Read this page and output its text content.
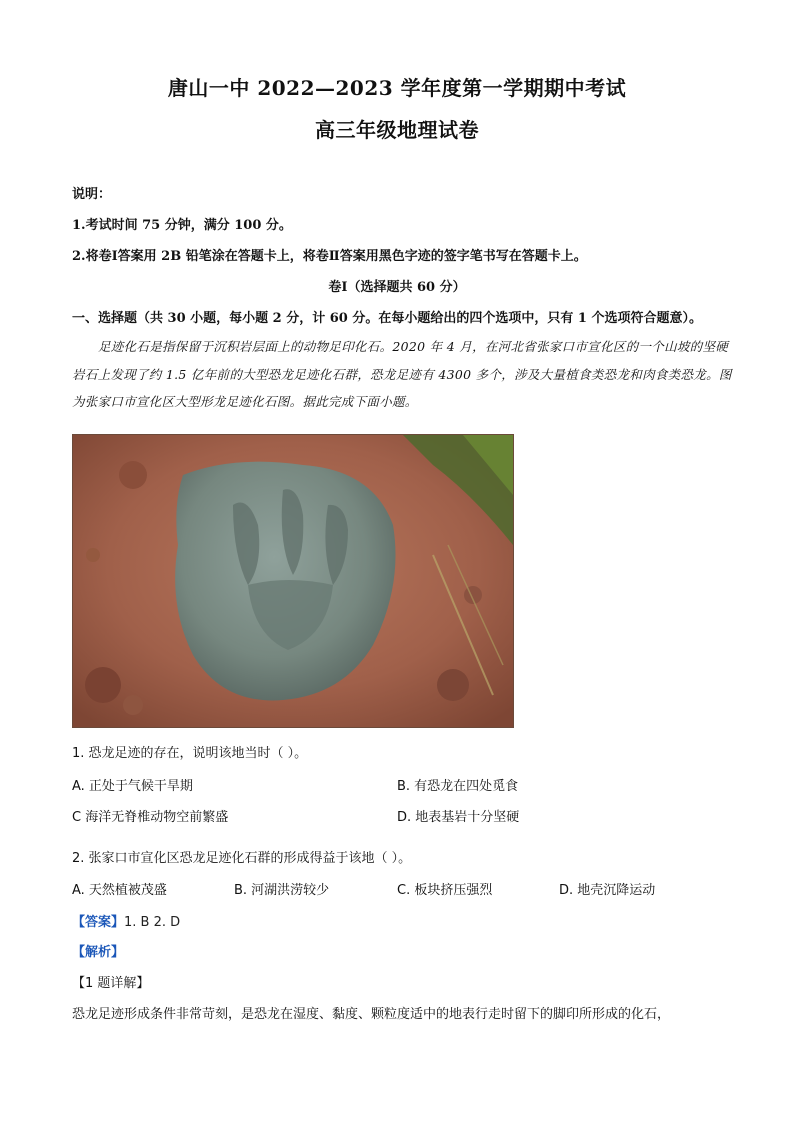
唐山一中 2022—2023 学年度第一学期期中考试
高三年级地理试卷
说明：
1.考试时间 75 分钟，满分 100 分。
2.将卷Ⅰ答案用 2B 铅笔涂在答题卡上，将卷Ⅱ答案用黑色字迹的签字笔书写在答题卡上。
卷Ⅰ（选择题共 60 分）
一、选择题（共 30 小题，每小题 2 分，计 60 分。在每小题给出的四个选项中，只有 1 个选项符合题意）。
足迹化石是指保留于沉积岩层面上的动物足印化石。2020 年 4 月，在河北省张家口市宣化区的一个山坡的坚硬岩石上发现了约 1.5 亿年前的大型恐龙足迹化石群，恐龙足迹有 4300 多个，涉及大量植食类恐龙和肉食类恐龙。图为张家口市宣化区大型形龙足迹化石图。据此完成下面小题。
1. 恐龙足迹的存在，说明该地当时（ ）。
A. 正处于气候干旱期	B. 有恐龙在四处觅食
C 海洋无脊椎动物空前繁盛	D. 地表基岩十分坚硬
2. 张家口市宣化区恐龙足迹化石群的形成得益于该地（ ）。
A. 天然植被茂盛	B. 河湖洪涝较少	C. 板块挤压强烈	D. 地壳沉降运动
【答案】1. B 2. D
【解析】
【1 题详解】
恐龙足迹形成条件非常苛刻，是恐龙在湿度、黏度、颗粒度适中的地表行走时留下的脚印所形成的化石，
